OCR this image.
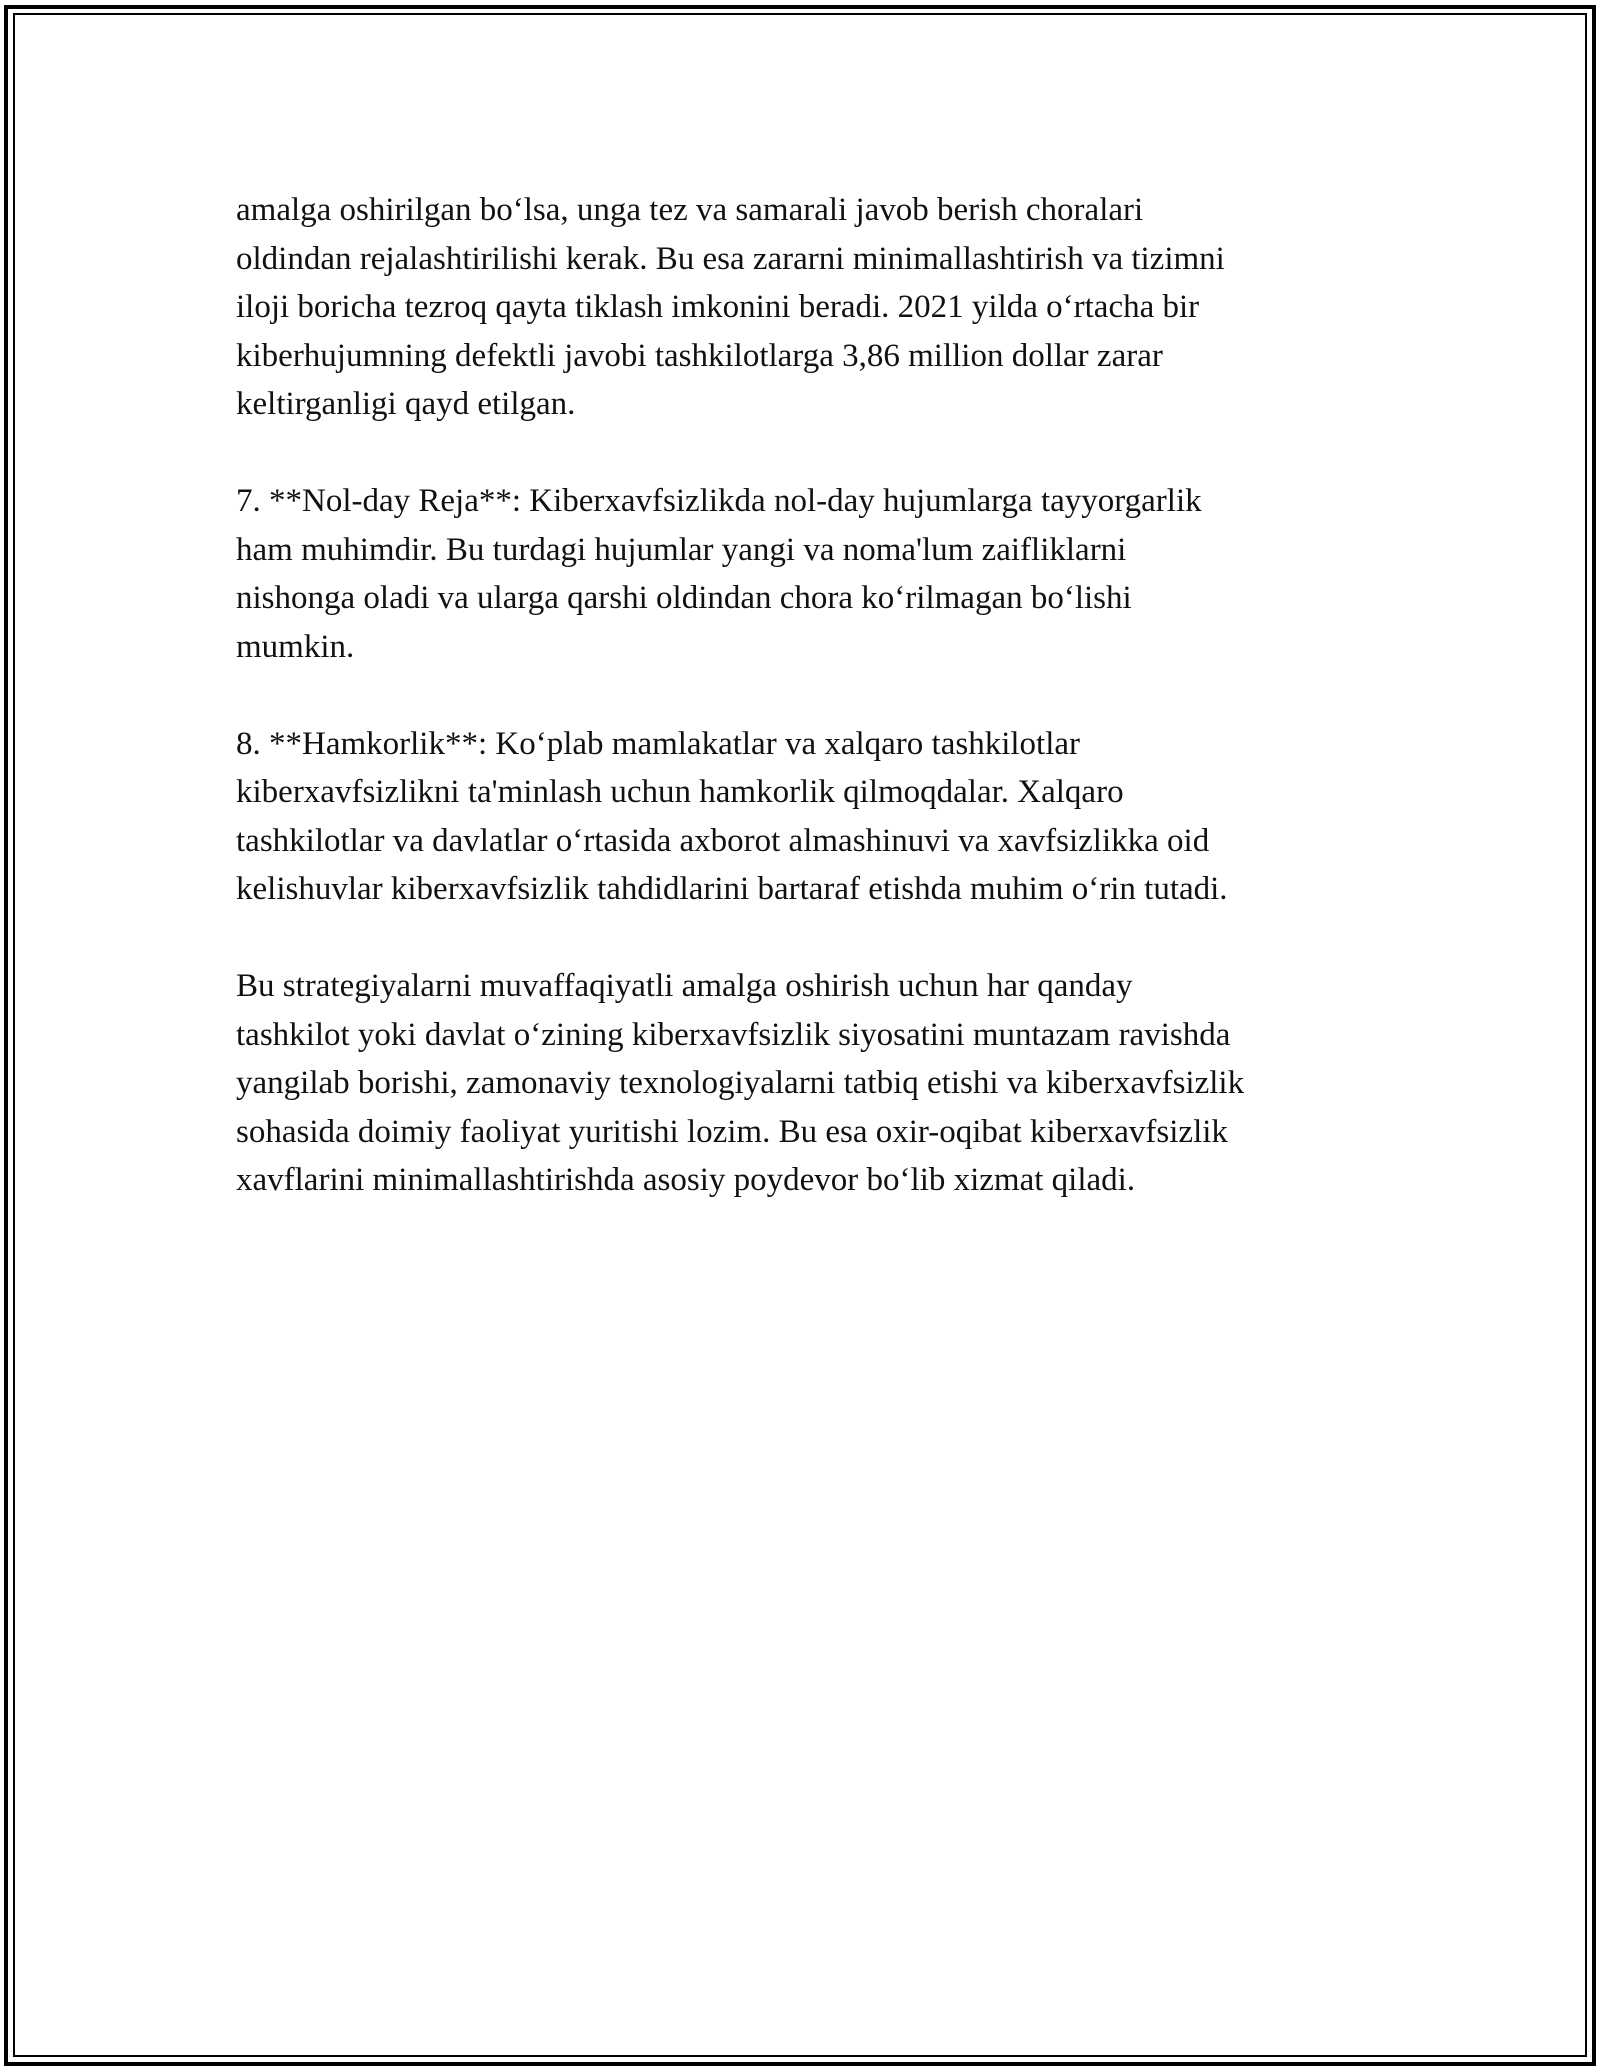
amalga oshirilgan bo‘lsa, unga tez va samarali javob berish choralari
oldindan rejalashtirilishi kerak. Bu esa zararni minimallashtirish va tizimni
iloji boricha tezroq qayta tiklash imkonini beradi. 2021 yilda o‘rtacha bir
kiberhujumning defektli javobi tashkilotlarga 3,86 million dollar zarar
keltirganligi qayd etilgan.

7. **Nol-day Reja**: Kiberxavfsizlikda nol-day hujumlarga tayyorgarlik
ham muhimdir. Bu turdagi hujumlar yangi va noma'lum zaifliklarni
nishonga oladi va ularga qarshi oldindan chora ko‘rilmagan bo‘lishi
mumkin.

8. **Hamkorlik**: Ko‘plab mamlakatlar va xalqaro tashkilotlar
kiberxavfsizlikni ta'minlash uchun hamkorlik qilmoqdalar. Xalqaro
tashkilotlar va davlatlar o‘rtasida axborot almashinuvi va xavfsizlikka oid
kelishuvlar kiberxavfsizlik tahdidlarini bartaraf etishda muhim o‘rin tutadi.

Bu strategiyalarni muvaffaqiyatli amalga oshirish uchun har qanday
tashkilot yoki davlat o‘zining kiberxavfsizlik siyosatini muntazam ravishda
yangilab borishi, zamonaviy texnologiyalarni tatbiq etishi va kiberxavfsizlik
sohasida doimiy faoliyat yuritishi lozim. Bu esa oxir-oqibat kiberxavfsizlik
xavflarini minimallashtirishda asosiy poydevor bo‘lib xizmat qiladi.
